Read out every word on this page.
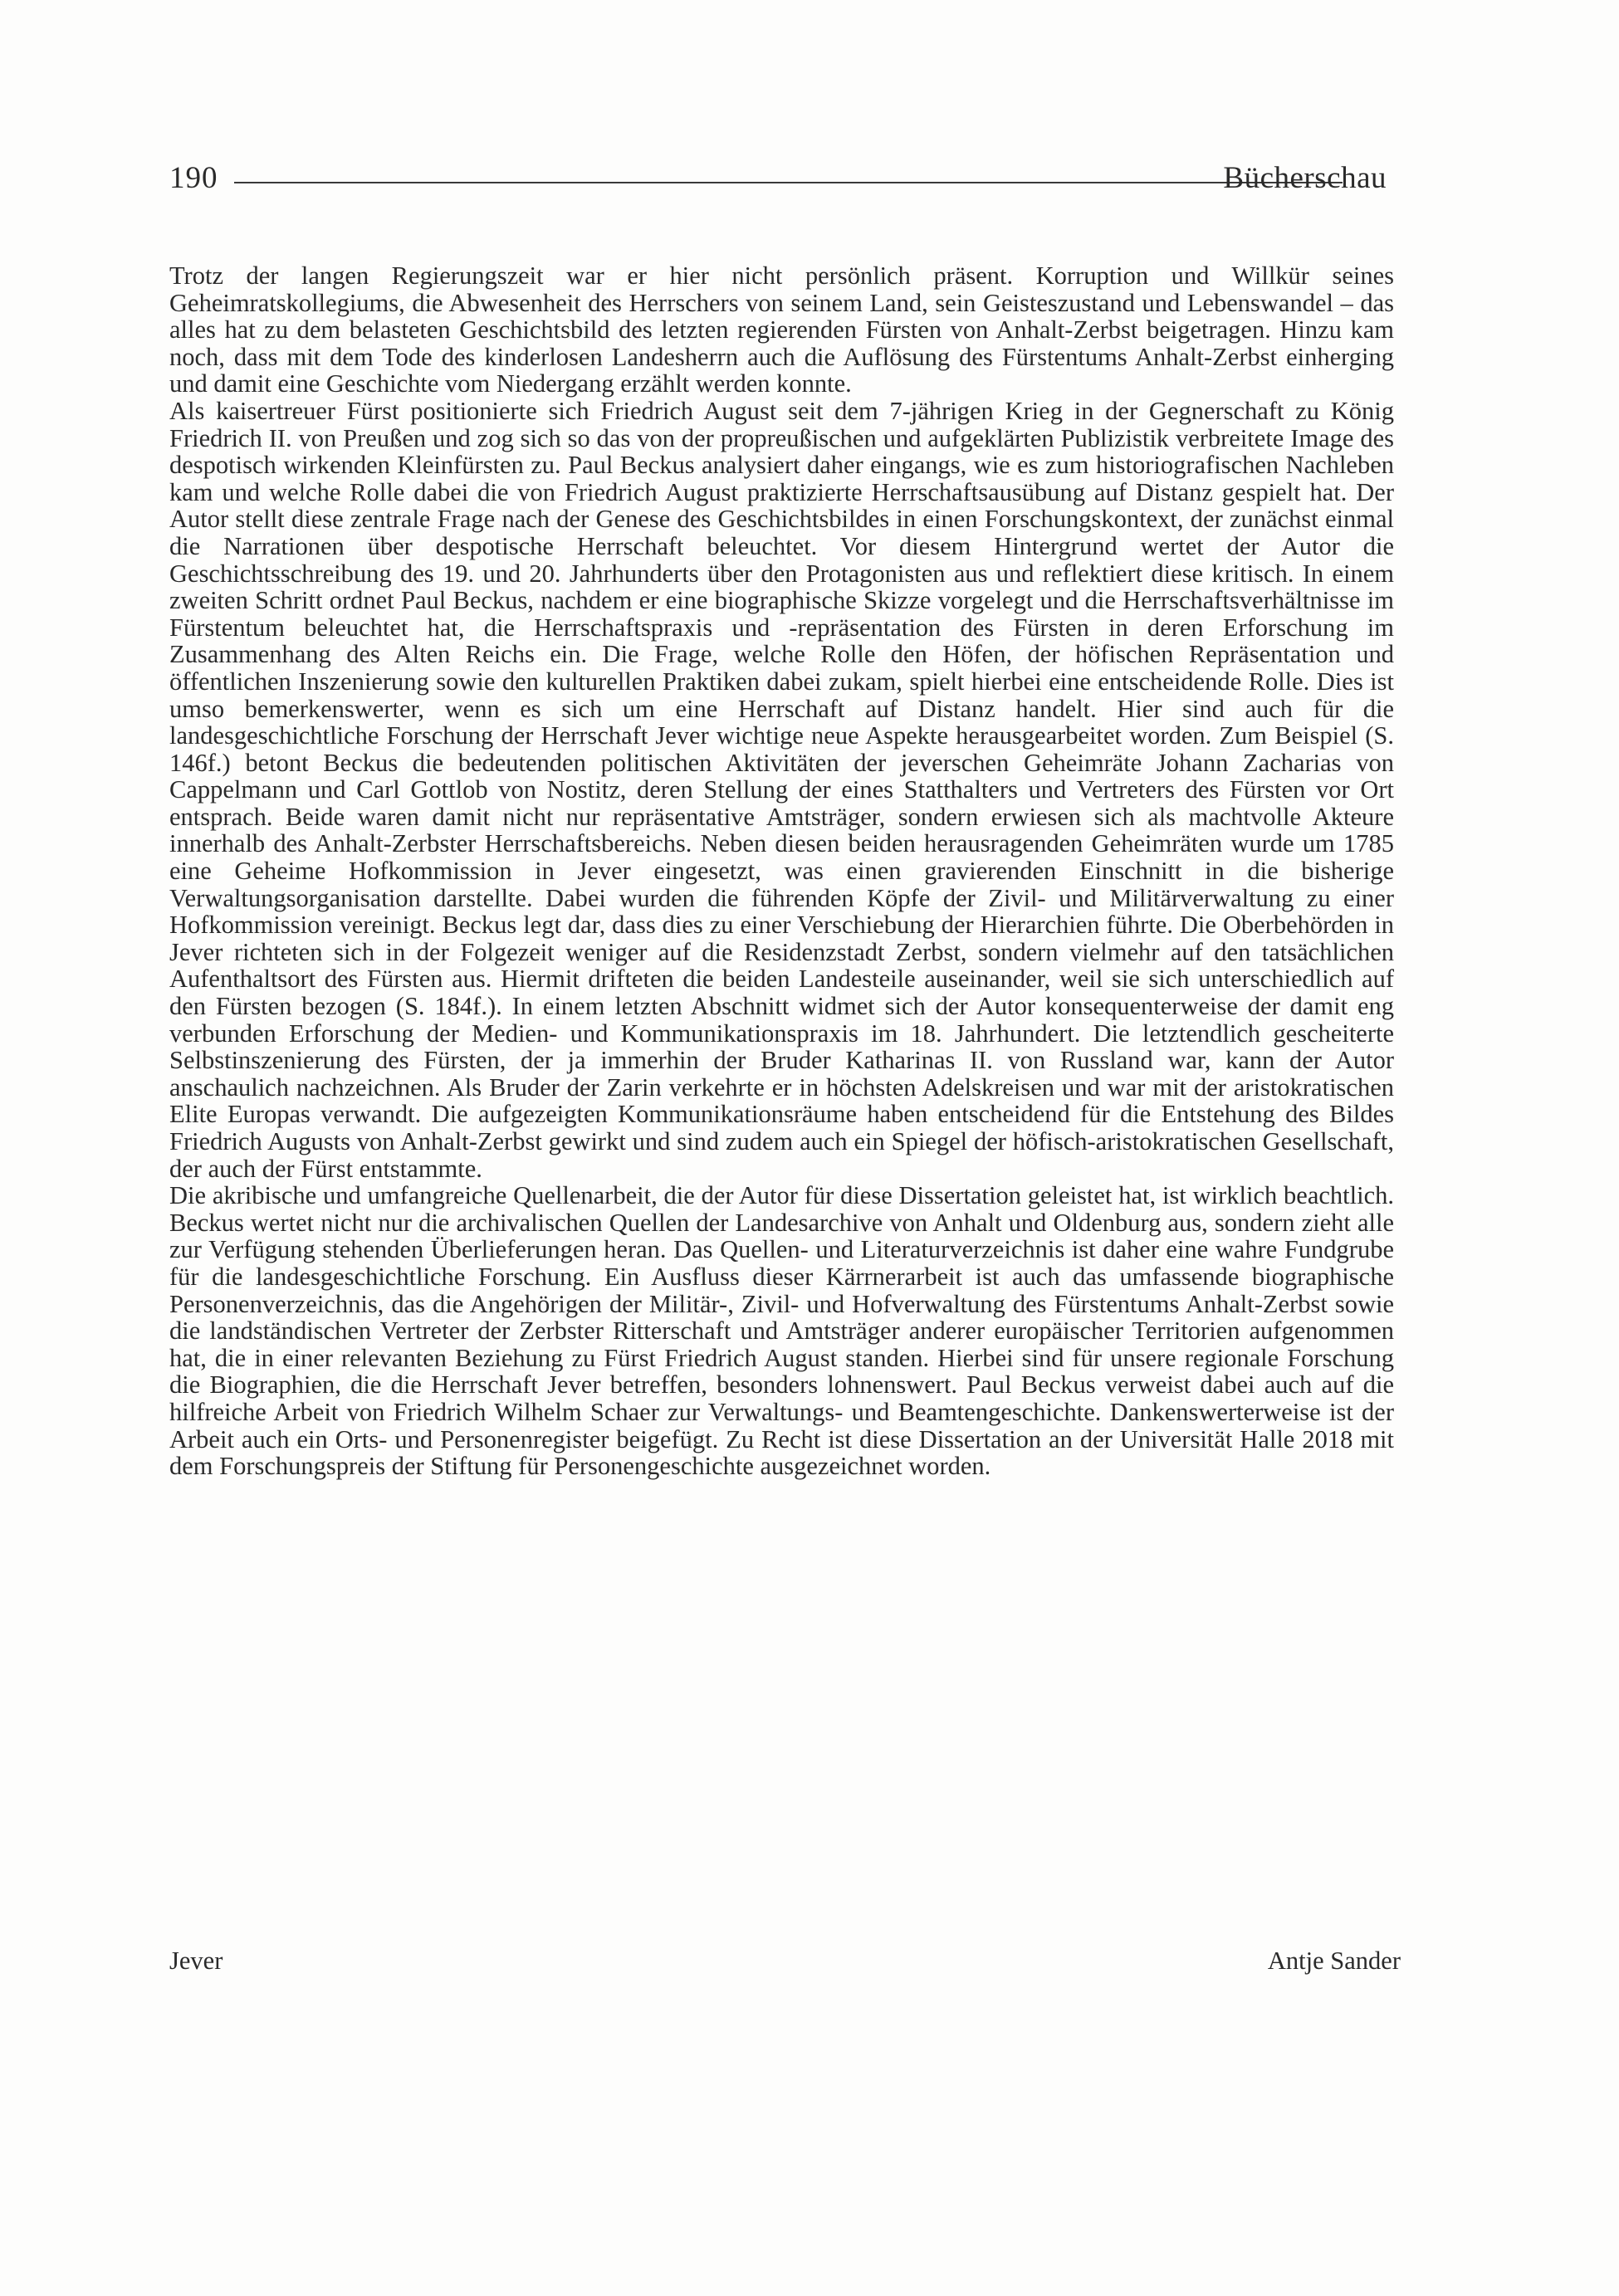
190	Bücherschau

Trotz der langen Regierungszeit war er hier nicht persönlich präsent. Korruption und Willkür seines Geheimratskollegiums, die Abwesenheit des Herrschers von seinem Land, sein Geisteszustand und Lebenswandel – das alles hat zu dem belasteten Geschichtsbild des letzten regierenden Fürsten von Anhalt-Zerbst beigetragen. Hinzu kam noch, dass mit dem Tode des kinderlosen Landesherrn auch die Auflösung des Fürstentums Anhalt-Zerbst einherging und damit eine Geschichte vom Niedergang erzählt werden konnte.

Als kaisertreuer Fürst positionierte sich Friedrich August seit dem 7-jährigen Krieg in der Gegnerschaft zu König Friedrich II. von Preußen und zog sich so das von der propreußischen und aufgeklärten Publizistik verbreitete Image des despotisch wirkenden Kleinfürsten zu. Paul Beckus analysiert daher eingangs, wie es zum historiografischen Nachleben kam und welche Rolle dabei die von Friedrich August praktizierte Herrschaftsausübung auf Distanz gespielt hat. Der Autor stellt diese zentrale Frage nach der Genese des Geschichtsbildes in einen Forschungskontext, der zunächst einmal die Narrationen über despotische Herrschaft beleuchtet. Vor diesem Hintergrund wertet der Autor die Geschichtsschreibung des 19. und 20. Jahrhunderts über den Protagonisten aus und reflektiert diese kritisch. In einem zweiten Schritt ordnet Paul Beckus, nachdem er eine biographische Skizze vorgelegt und die Herrschaftsverhältnisse im Fürstentum beleuchtet hat, die Herrschaftspraxis und -repräsentation des Fürsten in deren Erforschung im Zusammenhang des Alten Reichs ein. Die Frage, welche Rolle den Höfen, der höfischen Repräsentation und öffentlichen Inszenierung sowie den kulturellen Praktiken dabei zukam, spielt hierbei eine entscheidende Rolle. Dies ist umso bemerkenswerter, wenn es sich um eine Herrschaft auf Distanz handelt. Hier sind auch für die landesgeschichtliche Forschung der Herrschaft Jever wichtige neue Aspekte herausgearbeitet worden. Zum Beispiel (S. 146f.) betont Beckus die bedeutenden politischen Aktivitäten der jeverschen Geheimräte Johann Zacharias von Cappelmann und Carl Gottlob von Nostitz, deren Stellung der eines Statthalters und Vertreters des Fürsten vor Ort entsprach. Beide waren damit nicht nur repräsentative Amtsträger, sondern erwiesen sich als machtvolle Akteure innerhalb des Anhalt-Zerbster Herrschaftsbereichs. Neben diesen beiden herausragenden Geheimräten wurde um 1785 eine Geheime Hofkommission in Jever eingesetzt, was einen gravierenden Einschnitt in die bisherige Verwaltungsorganisation darstellte. Dabei wurden die führenden Köpfe der Zivil- und Militärverwaltung zu einer Hofkommission vereinigt. Beckus legt dar, dass dies zu einer Verschiebung der Hierarchien führte. Die Oberbehörden in Jever richteten sich in der Folgezeit weniger auf die Residenzstadt Zerbst, sondern vielmehr auf den tatsächlichen Aufenthaltsort des Fürsten aus. Hiermit drifteten die beiden Landesteile auseinander, weil sie sich unterschiedlich auf den Fürsten bezogen (S. 184f.). In einem letzten Abschnitt widmet sich der Autor konsequenterweise der damit eng verbunden Erforschung der Medien- und Kommunikationspraxis im 18. Jahrhundert. Die letztendlich gescheiterte Selbstinszenierung des Fürsten, der ja immerhin der Bruder Katharinas II. von Russland war, kann der Autor anschaulich nachzeichnen. Als Bruder der Zarin verkehrte er in höchsten Adelskreisen und war mit der aristokratischen Elite Europas verwandt. Die aufgezeigten Kommunikationsräume haben entscheidend für die Entstehung des Bildes Friedrich Augusts von Anhalt-Zerbst gewirkt und sind zudem auch ein Spiegel der höfisch-aristokratischen Gesellschaft, der auch der Fürst entstammte.

Die akribische und umfangreiche Quellenarbeit, die der Autor für diese Dissertation geleistet hat, ist wirklich beachtlich. Beckus wertet nicht nur die archivalischen Quellen der Landesarchive von Anhalt und Oldenburg aus, sondern zieht alle zur Verfügung stehenden Überlieferungen heran. Das Quellen- und Literaturverzeichnis ist daher eine wahre Fundgrube für die landesgeschichtliche Forschung. Ein Ausfluss dieser Kärrnerarbeit ist auch das umfassende biographische Personenverzeichnis, das die Angehörigen der Militär-, Zivil- und Hofverwaltung des Fürstentums Anhalt-Zerbst sowie die landständischen Vertreter der Zerbster Ritterschaft und Amtsträger anderer europäischer Territorien aufgenommen hat, die in einer relevanten Beziehung zu Fürst Friedrich August standen. Hierbei sind für unsere regionale Forschung die Biographien, die die Herrschaft Jever betreffen, besonders lohnenswert. Paul Beckus verweist dabei auch auf die hilfreiche Arbeit von Friedrich Wilhelm Schaer zur Verwaltungs- und Beamtengeschichte. Dankenswerterweise ist der Arbeit auch ein Orts- und Personenregister beigefügt. Zu Recht ist diese Dissertation an der Universität Halle 2018 mit dem Forschungspreis der Stiftung für Personengeschichte ausgezeichnet worden.

Jever	Antje Sander
